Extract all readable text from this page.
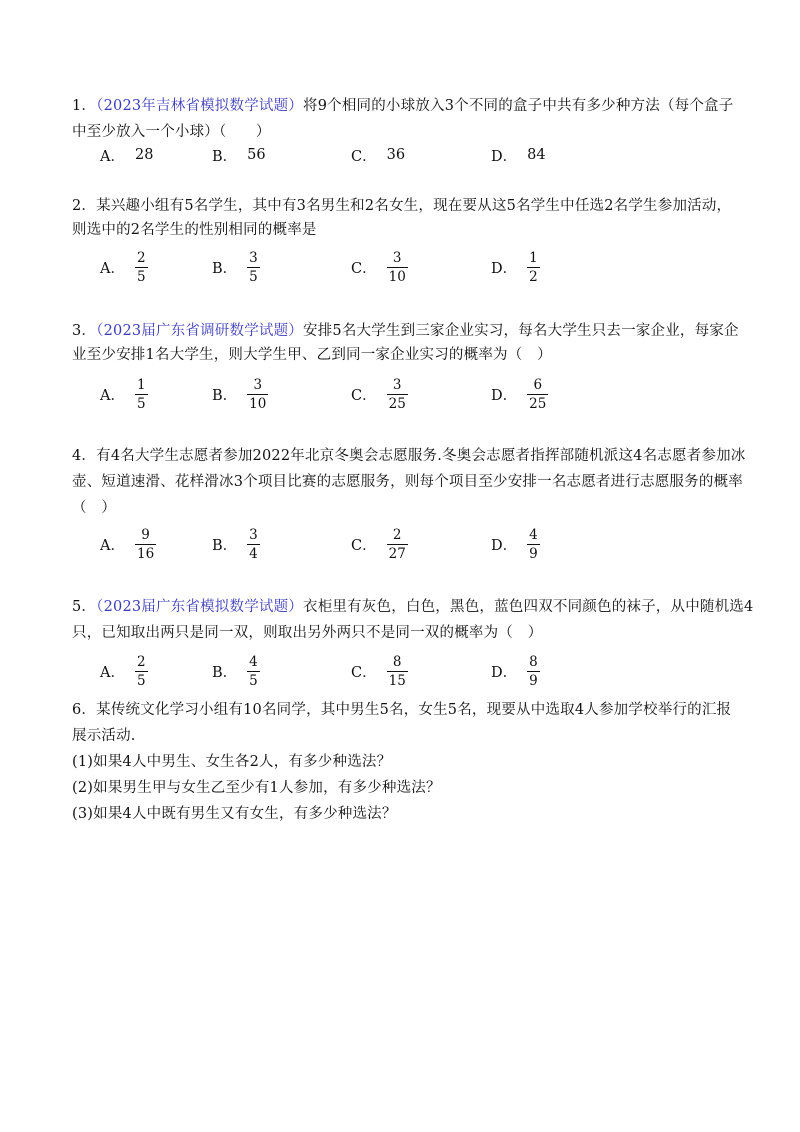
1．（2023年吉林省模拟数学试题）将9个相同的小球放入3个不同的盒子中共有多少种方法（每个盒子
中至少放入一个小球）（　　）
A． 28	B． 56	C． 36	D． 84
2．某兴趣小组有5名学生，其中有3名男生和2名女生，现在要从这5名学生中任选2名学生参加活动，
则选中的2名学生的性别相同的概率是
A． $\frac{2}{5}$	B． $\frac{3}{5}$	C． $\frac{3}{10}$	D． $\frac{1}{2}$
3．（2023届广东省调研数学试题）安排5名大学生到三家企业实习，每名大学生只去一家企业，每家企
业至少安排1名大学生，则大学生甲、乙到同一家企业实习的概率为（　）
A． $\frac{1}{5}$	B． $\frac{3}{10}$	C． $\frac{3}{25}$	D． $\frac{6}{25}$
4．有4名大学生志愿者参加2022年北京冬奥会志愿服务.冬奥会志愿者指挥部随机派这4名志愿者参加冰
壶、短道速滑、花样滑冰3个项目比赛的志愿服务，则每个项目至少安排一名志愿者进行志愿服务的概率
（　）
A． $\frac{9}{16}$	B． $\frac{3}{4}$	C． $\frac{2}{27}$	D． $\frac{4}{9}$
5．（2023届广东省模拟数学试题）衣柜里有灰色，白色，黑色，蓝色四双不同颜色的袜子，从中随机选4
只，已知取出两只是同一双，则取出另外两只不是同一双的概率为（　）
A． $\frac{2}{5}$	B． $\frac{4}{5}$	C． $\frac{8}{15}$	D． $\frac{8}{9}$
6．某传统文化学习小组有10名同学，其中男生5名，女生5名，现要从中选取4人参加学校举行的汇报
展示活动.
(1)如果4人中男生、女生各2人，有多少种选法？
(2)如果男生甲与女生乙至少有1人参加，有多少种选法？
(3)如果4人中既有男生又有女生，有多少种选法？
